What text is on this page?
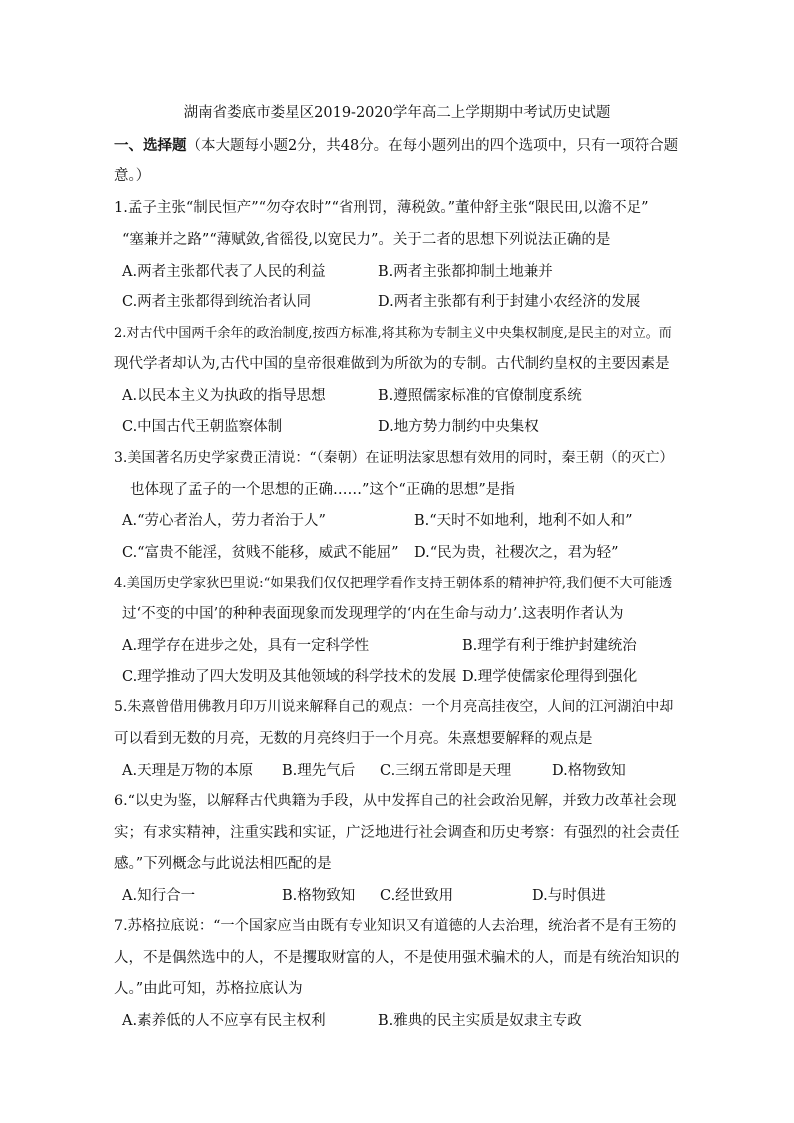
湖南省娄底市娄星区2019-2020学年高二上学期期中考试历史试题
一、选择题（本大题每小题2分，共48分。在每小题列出的四个选项中，只有一项符合题
意。）
1.孟子主张“制民恒产”“勿夺农时”“省刑罚，薄税敛。”董仲舒主张“限民田,以澹不足”
“塞兼并之路”“薄赋敛,省徭役,以宽民力”。关于二者的思想下列说法正确的是
A.两者主张都代表了人民的利益	B.两者主张都抑制土地兼并
C.两者主张都得到统治者认同	D.两者主张都有利于封建小农经济的发展
2.对古代中国两千余年的政治制度,按西方标准,将其称为专制主义中央集权制度,是民主的对立。而
现代学者却认为,古代中国的皇帝很难做到为所欲为的专制。古代制约皇权的主要因素是
A.以民本主义为执政的指导思想	B.遵照儒家标准的官僚制度系统
C.中国古代王朝监察体制	D.地方势力制约中央集权
3.美国著名历史学家费正清说：“（秦朝）在证明法家思想有效用的同时，秦王朝（的灭亡）
也体现了孟子的一个思想的正确……”这个“正确的思想”是指
A.“劳心者治人，劳力者治于人”	B.“天时不如地利，地利不如人和”
C.“富贵不能淫，贫贱不能移，威武不能屈” D.“民为贵，社稷次之，君为轻”
4.美国历史学家狄巴里说:“如果我们仅仅把理学看作支持王朝体系的精神护符,我们便不大可能透
过‘不变的中国’的种种表面现象而发现理学的‘内在生命与动力’.这表明作者认为
A.理学存在进步之处，具有一定科学性	B.理学有利于维护封建统治
C.理学推动了四大发明及其他领域的科学技术的发展 D.理学使儒家伦理得到强化
5.朱熹曾借用佛教月印万川说来解释自己的观点：一个月亮高挂夜空，人间的江河湖泊中却
可以看到无数的月亮，无数的月亮终归于一个月亮。朱熹想要解释的观点是
A.天理是万物的本原 B.理先气后 C.三纲五常即是天理	D.格物致知
6.“以史为鉴，以解释古代典籍为手段，从中发挥自己的社会政治见解，并致力改革社会现
实；有求实精神，注重实践和实证，广泛地进行社会调查和历史考察：有强烈的社会责任
感。”下列概念与此说法相匹配的是
A.知行合一	B.格物致知 C.经世致用	D.与时俱进
7.苏格拉底说：“一个国家应当由既有专业知识又有道德的人去治理，统治者不是有王笏的
人，不是偶然选中的人，不是攫取财富的人，不是使用强术骗术的人，而是有统治知识的
人。”由此可知，苏格拉底认为
A.素养低的人不应享有民主权利	B.雅典的民主实质是奴隶主专政
